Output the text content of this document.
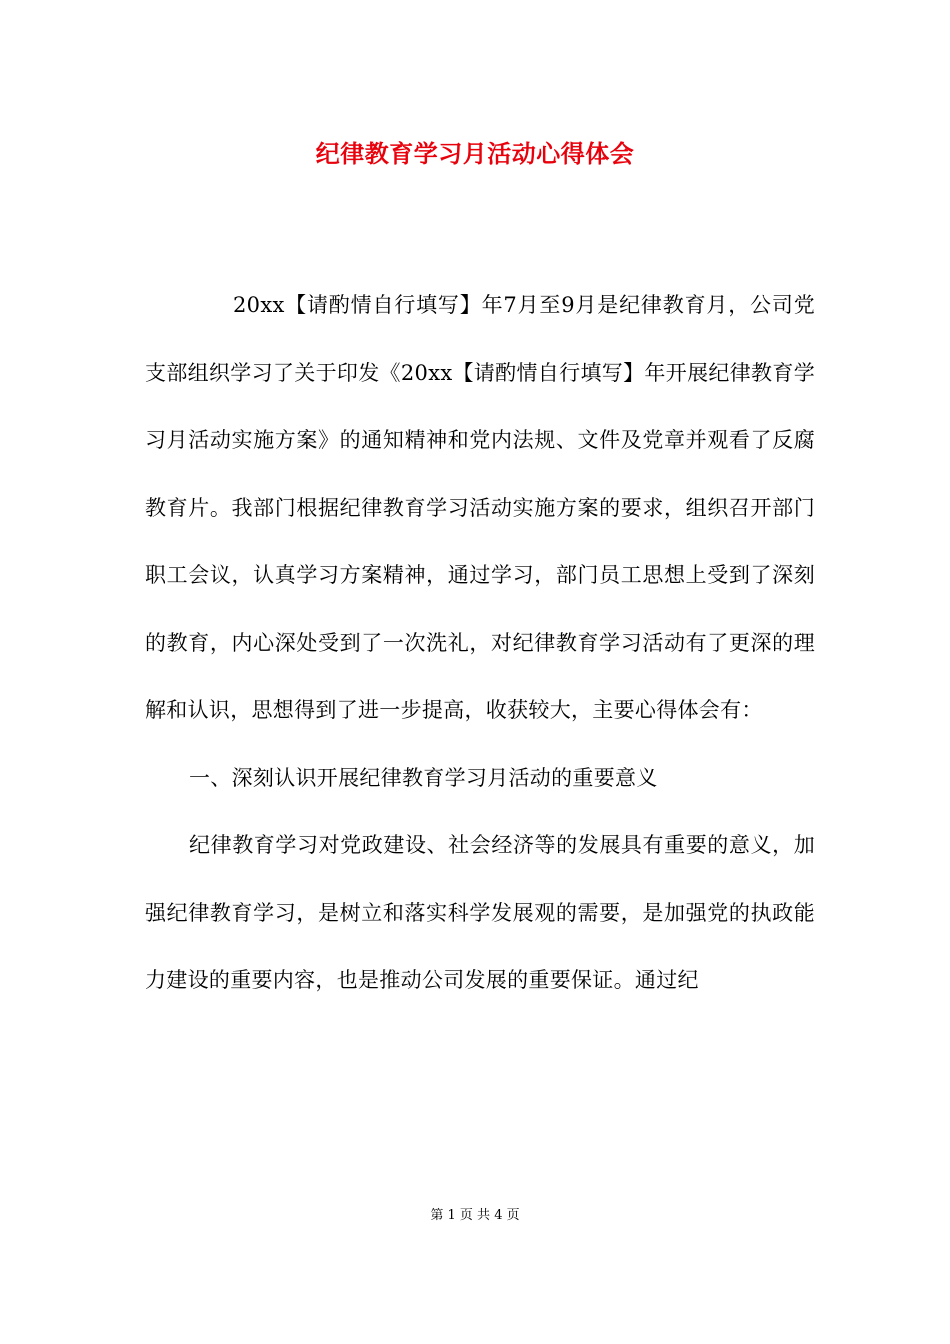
纪律教育学习月活动心得体会

20xx【请酌情自行填写】年7月至9月是纪律教育月，公司党支部组织学习了关于印发《20xx【请酌情自行填写】年开展纪律教育学习月活动实施方案》的通知精神和党内法规、文件及党章并观看了反腐教育片。我部门根据纪律教育学习活动实施方案的要求，组织召开部门职工会议，认真学习方案精神，通过学习，部门员工思想上受到了深刻的教育，内心深处受到了一次洗礼，对纪律教育学习活动有了更深的理解和认识，思想得到了进一步提高，收获较大，主要心得体会有：

一、深刻认识开展纪律教育学习月活动的重要意义

纪律教育学习对党政建设、社会经济等的发展具有重要的意义，加强纪律教育学习，是树立和落实科学发展观的需要，是加强党的执政能力建设的重要内容，也是推动公司发展的重要保证。通过纪

第 1 页 共 4 页
